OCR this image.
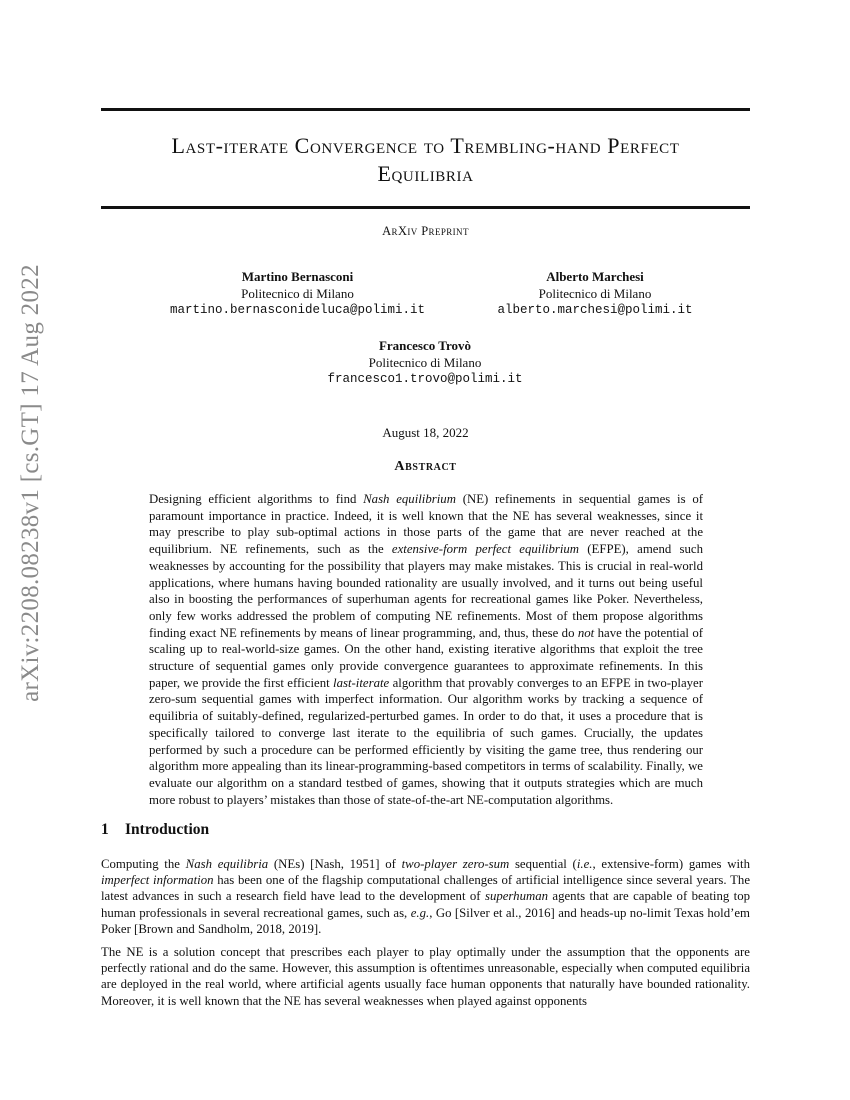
arXiv:2208.08238v1 [cs.GT] 17 Aug 2022
Last-iterate Convergence to Trembling-hand Perfect
Equilibria
ArXiv Preprint
Martino Bernasconi
Politecnico di Milano
martino.bernasconideluca@polimi.it
Alberto Marchesi
Politecnico di Milano
alberto.marchesi@polimi.it
Francesco Trovò
Politecnico di Milano
francesco1.trovo@polimi.it
August 18, 2022
Abstract

Designing efficient algorithms to find Nash equilibrium (NE) refinements in sequential games is of paramount importance in practice. Indeed, it is well known that the NE has several weaknesses, since it may prescribe to play sub-optimal actions in those parts of the game that are never reached at the equilibrium. NE refinements, such as the extensive-form perfect equilibrium (EFPE), amend such weaknesses by accounting for the possibility that players may make mistakes. This is crucial in real-world applications, where humans having bounded rationality are usually involved, and it turns out being useful also in boosting the performances of superhuman agents for recreational games like Poker. Nevertheless, only few works addressed the problem of computing NE refinements. Most of them propose algorithms finding exact NE refinements by means of linear programming, and, thus, these do not have the potential of scaling up to real-world-size games. On the other hand, existing iterative algorithms that exploit the tree structure of sequential games only provide convergence guarantees to approximate refinements. In this paper, we provide the first efficient last-iterate algorithm that provably converges to an EFPE in two-player zero-sum sequential games with imperfect information. Our algorithm works by tracking a sequence of equilibria of suitably-defined, regularized-perturbed games. In order to do that, it uses a procedure that is specifically tailored to converge last iterate to the equilibria of such games. Crucially, the updates performed by such a procedure can be performed efficiently by visiting the game tree, thus rendering our algorithm more appealing than its linear-programming-based competitors in terms of scalability. Finally, we evaluate our algorithm on a standard testbed of games, showing that it outputs strategies which are much more robust to players’ mistakes than those of state-of-the-art NE-computation algorithms.

1 Introduction

Computing the Nash equilibria (NEs) [Nash, 1951] of two-player zero-sum sequential (i.e., extensive-form) games with imperfect information has been one of the flagship computational challenges of artificial intelligence since several years. The latest advances in such a research field have lead to the development of superhuman agents that are capable of beating top human professionals in several recreational games, such as, e.g., Go [Silver et al., 2016] and heads-up no-limit Texas hold’em Poker [Brown and Sandholm, 2018, 2019].

The NE is a solution concept that prescribes each player to play optimally under the assumption that the opponents are perfectly rational and do the same. However, this assumption is oftentimes unreasonable, especially when computed equilibria are deployed in the real world, where artificial agents usually face human opponents that naturally have bounded rationality. Moreover, it is well known that the NE has several weaknesses when played against opponents
